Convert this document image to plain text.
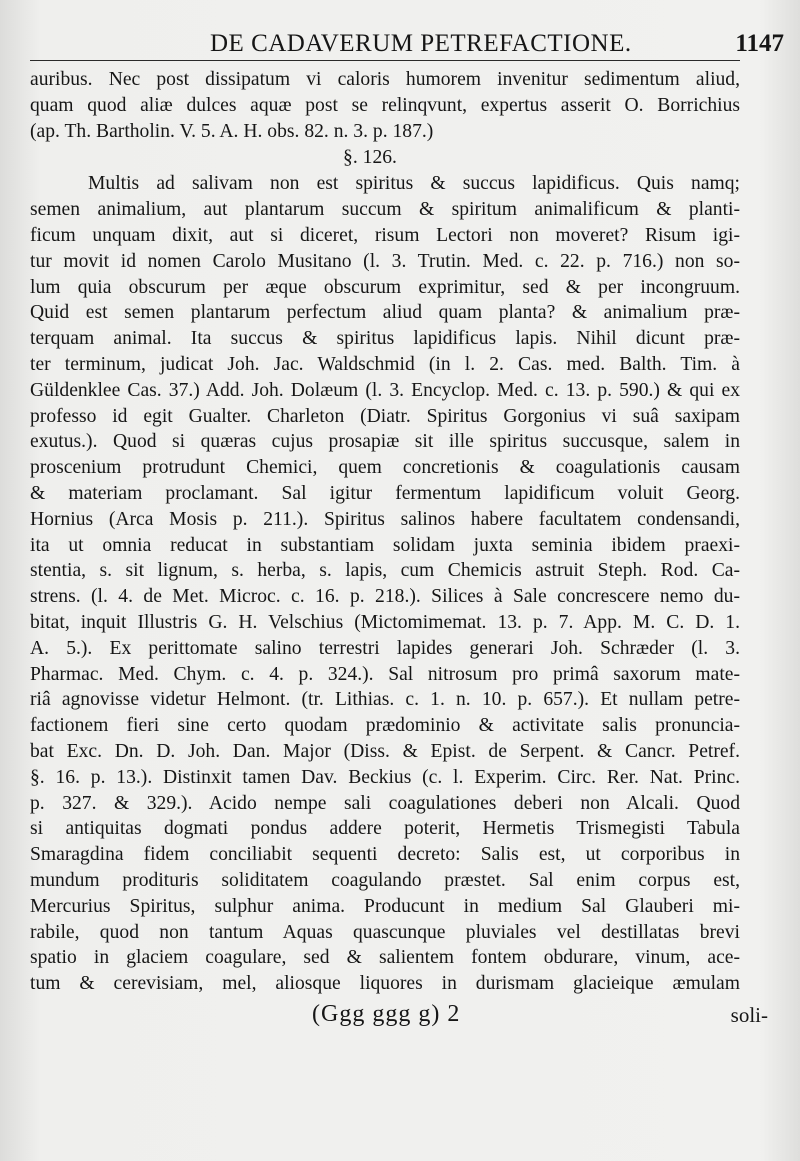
DE CADAVERUM PETREFACTIONE.	1147
auribus. Nec post dissipatum vi caloris humorem invenitur sedimentum aliud,
quam quod aliæ dulces aquæ post se relinqvunt, expertus asserit O. Borrichius
(ap. Th. Bartholin. V. 5. A. H. obs. 82. n. 3. p. 187.)
§. 126.
Multis ad salivam non est spiritus & succus lapidificus. Quis namq;
semen animalium, aut plantarum succum & spiritum animalificum & planti-
ficum unquam dixit, aut si diceret, risum Lectori non moveret? Risum igi-
tur movit id nomen Carolo Musitano (l. 3. Trutin. Med. c. 22. p. 716.) non so-
lum quia obscurum per æque obscurum exprimitur, sed & per incongruum.
Quid est semen plantarum perfectum aliud quam planta? & animalium præ-
terquam animal. Ita succus & spiritus lapidificus lapis. Nihil dicunt præ-
ter terminum, judicat Joh. Jac. Waldschmid (in l. 2. Cas. med. Balth. Tim. à
Güldenklee Cas. 37.) Add. Joh. Dolæum (l. 3. Encyclop. Med. c. 13. p. 590.) & qui ex
professo id egit Gualter. Charleton (Diatr. Spiritus Gorgonius vi suâ saxipam
exutus.). Quod si quæras cujus prosapiæ sit ille spiritus succusque, salem in
proscenium protrudunt Chemici, quem concretionis & coagulationis causam
& materiam proclamant. Sal igitur fermentum lapidificum voluit Georg.
Hornius (Arca Mosis p. 211.). Spiritus salinos habere facultatem condensandi,
ita ut omnia reducat in substantiam solidam juxta seminia ibidem praexi-
stentia, s. sit lignum, s. herba, s. lapis, cum Chemicis astruit Steph. Rod. Ca-
strens. (l. 4. de Met. Microc. c. 16. p. 218.). Silices à Sale concrescere nemo du-
bitat, inquit Illustris G. H. Velschius (Mictomimemat. 13. p. 7. App. M. C. D. 1.
A. 5.). Ex perittomate salino terrestri lapides generari Joh. Schræder (l. 3.
Pharmac. Med. Chym. c. 4. p. 324.). Sal nitrosum pro primâ saxorum mate-
riâ agnovisse videtur Helmont. (tr. Lithias. c. 1. n. 10. p. 657.). Et nullam petre-
factionem fieri sine certo quodam prædominio & activitate salis pronuncia-
bat Exc. Dn. D. Joh. Dan. Major (Diss. & Epist. de Serpent. & Cancr. Petref.
§. 16. p. 13.). Distinxit tamen Dav. Beckius (c. l. Experim. Circ. Rer. Nat. Princ.
p. 327. & 329.). Acido nempe sali coagulationes deberi non Alcali. Quod
si antiquitas dogmati pondus addere poterit, Hermetis Trismegisti Tabula
Smaragdina fidem conciliabit sequenti decreto: Salis est, ut corporibus in
mundum prodituris soliditatem coagulando præstet. Sal enim corpus est,
Mercurius Spiritus, sulphur anima. Producunt in medium Sal Glauberi mi-
rabile, quod non tantum Aquas quascunque pluviales vel destillatas brevi
spatio in glaciem coagulare, sed & salientem fontem obdurare, vinum, ace-
tum & cerevisiam, mel, aliosque liquores in durismam glacieique æmulam
(Ggg ggg g) 2	soli-
